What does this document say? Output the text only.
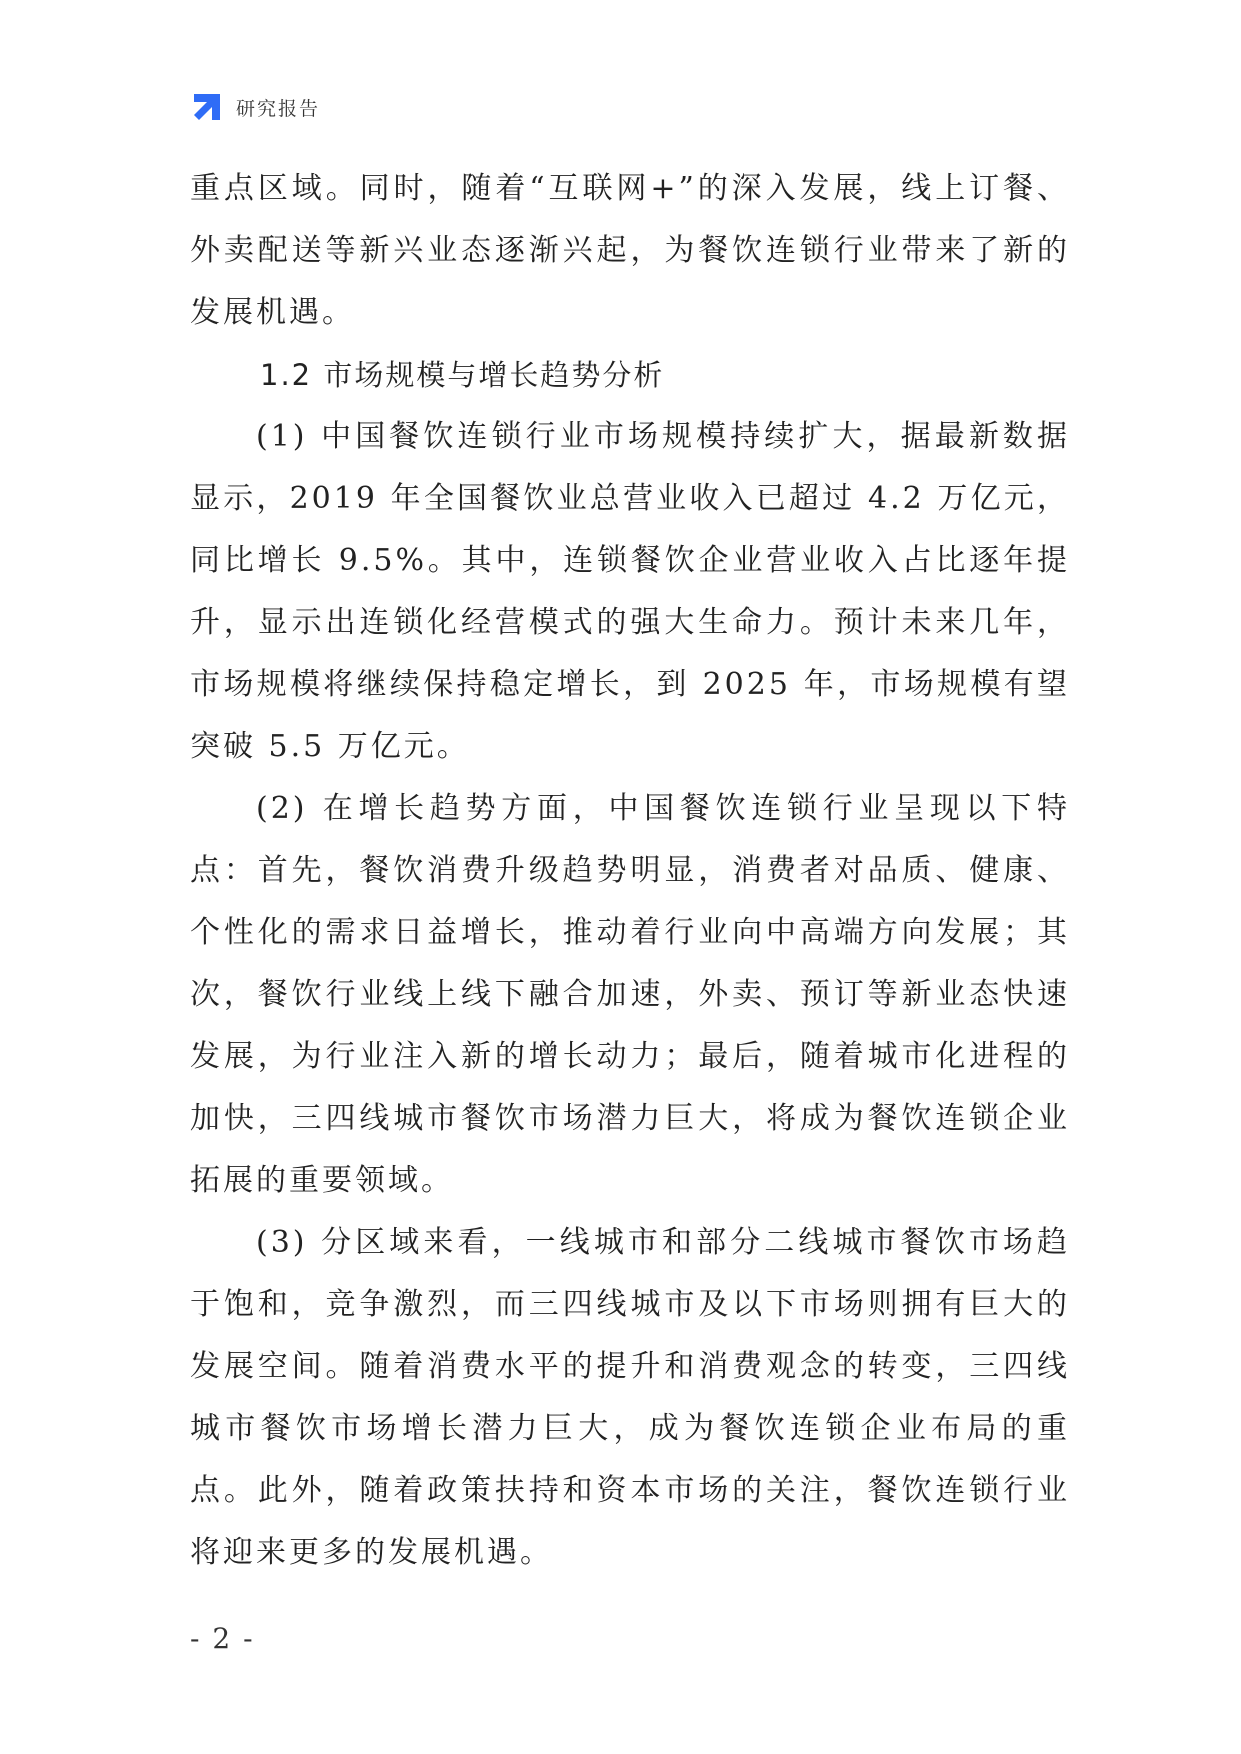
研究报告

重点区域。同时，随着“互联网+”的深入发展，线上订餐、外卖配送等新兴业态逐渐兴起，为餐饮连锁行业带来了新的发展机遇。

1.2 市场规模与增长趋势分析

(1) 中国餐饮连锁行业市场规模持续扩大，据最新数据显示，2019 年全国餐饮业总营业收入已超过 4.2 万亿元，同比增长 9.5%。其中，连锁餐饮企业营业收入占比逐年提升，显示出连锁化经营模式的强大生命力。预计未来几年，市场规模将继续保持稳定增长，到 2025 年，市场规模有望突破 5.5 万亿元。

(2) 在增长趋势方面，中国餐饮连锁行业呈现以下特点：首先，餐饮消费升级趋势明显，消费者对品质、健康、个性化的需求日益增长，推动着行业向中高端方向发展；其次，餐饮行业线上线下融合加速，外卖、预订等新业态快速发展，为行业注入新的增长动力；最后，随着城市化进程的加快，三四线城市餐饮市场潜力巨大，将成为餐饮连锁企业拓展的重要领域。

(3) 分区域来看，一线城市和部分二线城市餐饮市场趋于饱和，竞争激烈，而三四线城市及以下市场则拥有巨大的发展空间。随着消费水平的提升和消费观念的转变，三四线城市餐饮市场增长潜力巨大，成为餐饮连锁企业布局的重点。此外，随着政策扶持和资本市场的关注，餐饮连锁行业将迎来更多的发展机遇。

- 2 -
